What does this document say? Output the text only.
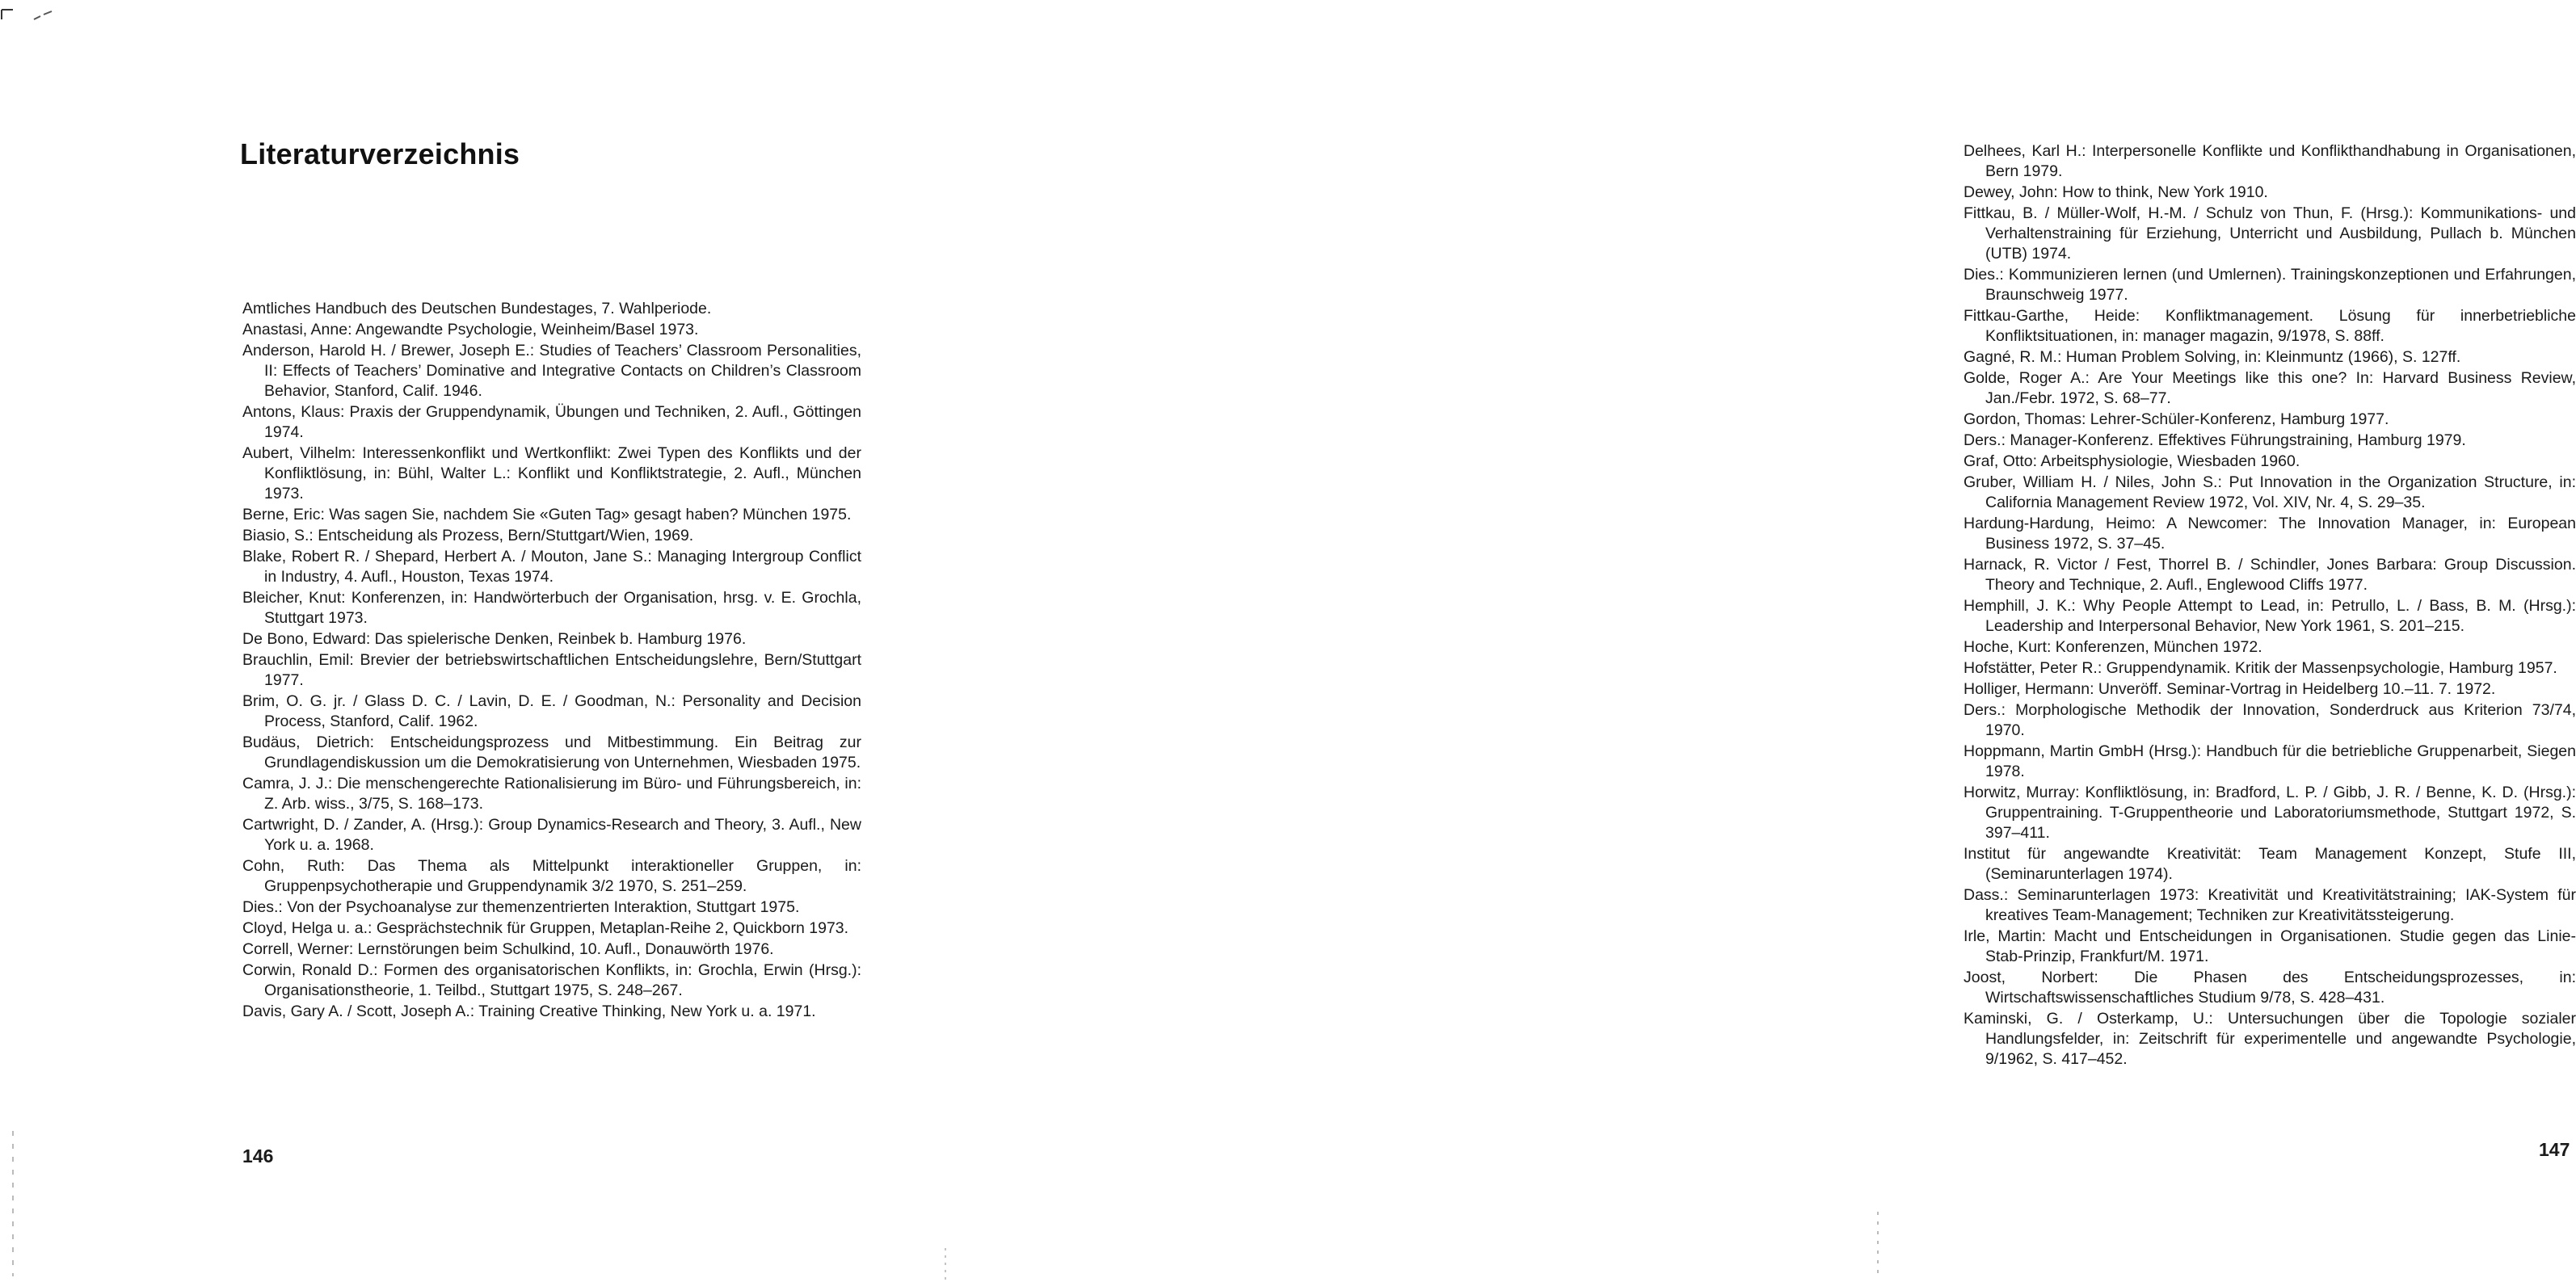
Literaturverzeichnis
Amtliches Handbuch des Deutschen Bundestages, 7. Wahlperiode.
Anastasi, Anne: Angewandte Psychologie, Weinheim/Basel 1973.
Anderson, Harold H. / Brewer, Joseph E.: Studies of Teachers’ Classroom Personalities, II: Effects of Teachers’ Dominative and Integrative Contacts on Children’s Classroom Behavior, Stanford, Calif. 1946.
Antons, Klaus: Praxis der Gruppendynamik, Übungen und Techniken, 2. Aufl., Göttingen 1974.
Aubert, Vilhelm: Interessenkonflikt und Wertkonflikt: Zwei Typen des Konflikts und der Konfliktlösung, in: Bühl, Walter L.: Konflikt und Konfliktstrategie, 2. Aufl., München 1973.
Berne, Eric: Was sagen Sie, nachdem Sie «Guten Tag» gesagt haben? München 1975.
Biasio, S.: Entscheidung als Prozess, Bern/Stuttgart/Wien, 1969.
Blake, Robert R. / Shepard, Herbert A. / Mouton, Jane S.: Managing Intergroup Conflict in Industry, 4. Aufl., Houston, Texas 1974.
Bleicher, Knut: Konferenzen, in: Handwörterbuch der Organisation, hrsg. v. E. Grochla, Stuttgart 1973.
De Bono, Edward: Das spielerische Denken, Reinbek b. Hamburg 1976.
Brauchlin, Emil: Brevier der betriebswirtschaftlichen Entscheidungslehre, Bern/Stuttgart 1977.
Brim, O. G. jr. / Glass D. C. / Lavin, D. E. / Goodman, N.: Personality and Decision Process, Stanford, Calif. 1962.
Budäus, Dietrich: Entscheidungsprozess und Mitbestimmung. Ein Beitrag zur Grundlagendiskussion um die Demokratisierung von Unternehmen, Wiesbaden 1975.
Camra, J. J.: Die menschengerechte Rationalisierung im Büro- und Führungsbereich, in: Z. Arb. wiss., 3/75, S. 168–173.
Cartwright, D. / Zander, A. (Hrsg.): Group Dynamics-Research and Theory, 3. Aufl., New York u. a. 1968.
Cohn, Ruth: Das Thema als Mittelpunkt interaktioneller Gruppen, in: Gruppenpsychotherapie und Gruppendynamik 3/2 1970, S. 251–259.
Dies.: Von der Psychoanalyse zur themenzentrierten Interaktion, Stuttgart 1975.
Cloyd, Helga u. a.: Gesprächstechnik für Gruppen, Metaplan-Reihe 2, Quickborn 1973.
Correll, Werner: Lernstörungen beim Schulkind, 10. Aufl., Donauwörth 1976.
Corwin, Ronald D.: Formen des organisatorischen Konflikts, in: Grochla, Erwin (Hrsg.): Organisationstheorie, 1. Teilbd., Stuttgart 1975, S. 248–267.
Davis, Gary A. / Scott, Joseph A.: Training Creative Thinking, New York u. a. 1971.
146
Delhees, Karl H.: Interpersonelle Konflikte und Konflikthandhabung in Organisationen, Bern 1979.
Dewey, John: How to think, New York 1910.
Fittkau, B. / Müller-Wolf, H.-M. / Schulz von Thun, F. (Hrsg.): Kommunikations- und Verhaltenstraining für Erziehung, Unterricht und Ausbildung, Pullach b. München (UTB) 1974.
Dies.: Kommunizieren lernen (und Umlernen). Trainingskonzeptionen und Erfahrungen, Braunschweig 1977.
Fittkau-Garthe, Heide: Konfliktmanagement. Lösung für innerbetriebliche Konfliktsituationen, in: manager magazin, 9/1978, S. 88ff.
Gagné, R. M.: Human Problem Solving, in: Kleinmuntz (1966), S. 127ff.
Golde, Roger A.: Are Your Meetings like this one? In: Harvard Business Review, Jan./Febr. 1972, S. 68–77.
Gordon, Thomas: Lehrer-Schüler-Konferenz, Hamburg 1977.
Ders.: Manager-Konferenz. Effektives Führungstraining, Hamburg 1979.
Graf, Otto: Arbeitsphysiologie, Wiesbaden 1960.
Gruber, William H. / Niles, John S.: Put Innovation in the Organization Structure, in: California Management Review 1972, Vol. XIV, Nr. 4, S. 29–35.
Hardung-Hardung, Heimo: A Newcomer: The Innovation Manager, in: European Business 1972, S. 37–45.
Harnack, R. Victor / Fest, Thorrel B. / Schindler, Jones Barbara: Group Discussion. Theory and Technique, 2. Aufl., Englewood Cliffs 1977.
Hemphill, J. K.: Why People Attempt to Lead, in: Petrullo, L. / Bass, B. M. (Hrsg.): Leadership and Interpersonal Behavior, New York 1961, S. 201–215.
Hoche, Kurt: Konferenzen, München 1972.
Hofstätter, Peter R.: Gruppendynamik. Kritik der Massenpsychologie, Hamburg 1957.
Holliger, Hermann: Unveröff. Seminar-Vortrag in Heidelberg 10.–11. 7. 1972.
Ders.: Morphologische Methodik der Innovation, Sonderdruck aus Kriterion 73/74, 1970.
Hoppmann, Martin GmbH (Hrsg.): Handbuch für die betriebliche Gruppenarbeit, Siegen 1978.
Horwitz, Murray: Konfliktlösung, in: Bradford, L. P. / Gibb, J. R. / Benne, K. D. (Hrsg.): Gruppentraining. T-Gruppentheorie und Laboratoriumsmethode, Stuttgart 1972, S. 397–411.
Institut für angewandte Kreativität: Team Management Konzept, Stufe III, (Seminarunterlagen 1974).
Dass.: Seminarunterlagen 1973: Kreativität und Kreativitätstraining; IAK-System für kreatives Team-Management; Techniken zur Kreativitätssteigerung.
Irle, Martin: Macht und Entscheidungen in Organisationen. Studie gegen das Linie-Stab-Prinzip, Frankfurt/M. 1971.
Joost, Norbert: Die Phasen des Entscheidungsprozesses, in: Wirtschaftswissenschaftliches Studium 9/78, S. 428–431.
Kaminski, G. / Osterkamp, U.: Untersuchungen über die Topologie sozialer Handlungsfelder, in: Zeitschrift für experimentelle und angewandte Psychologie, 9/1962, S. 417–452.
147
